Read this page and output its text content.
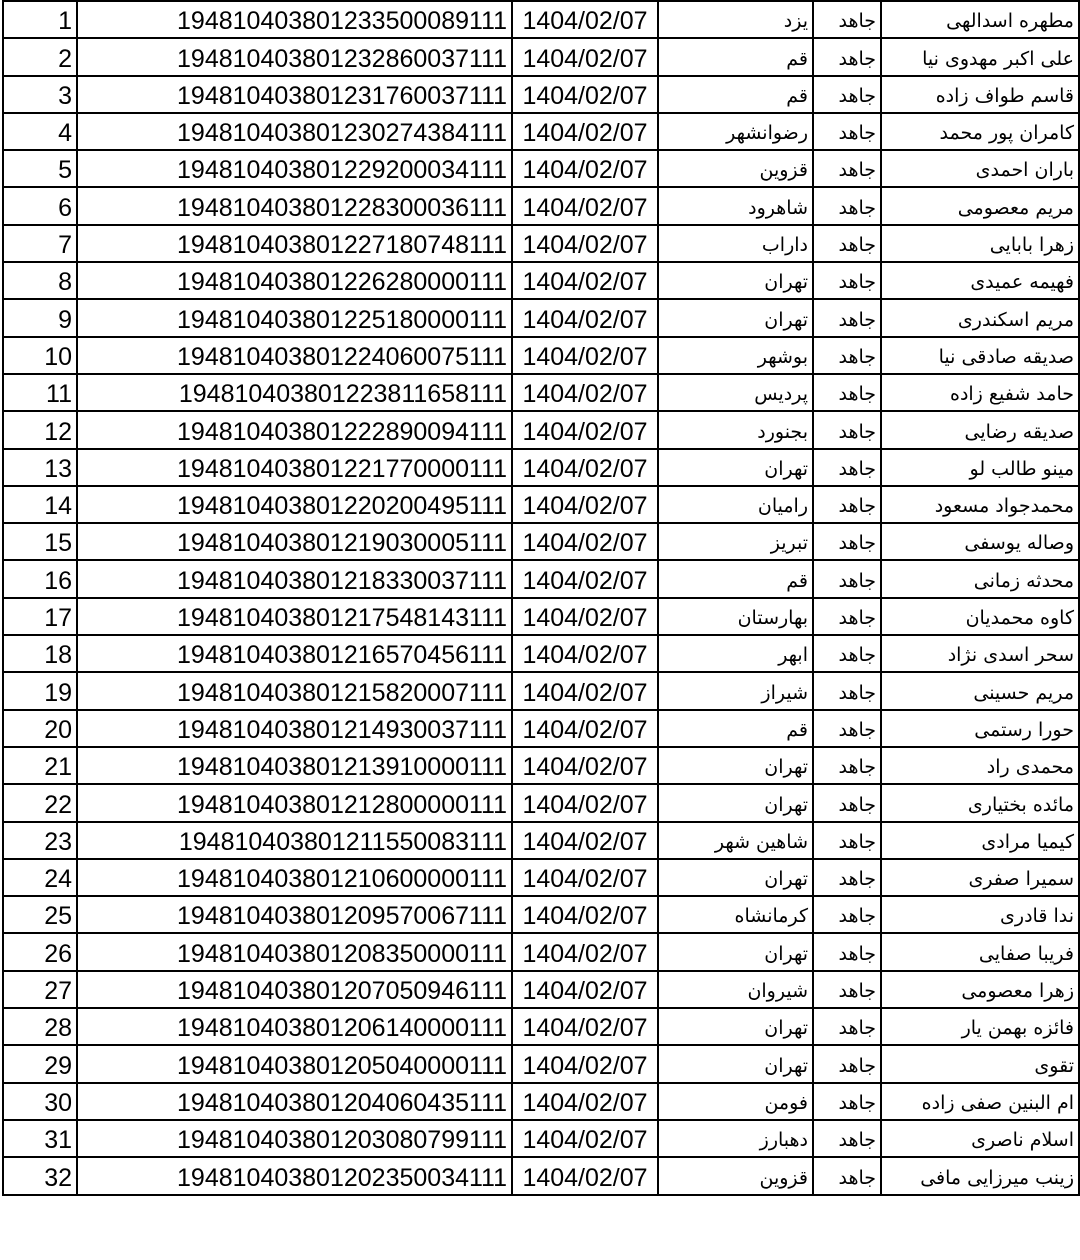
1	194810403801233500089111	1404/02/07	یزد	جاهد	مطهره اسدالهی
2	194810403801232860037111	1404/02/07	قم	جاهد	علی اکبر مهدوی نیا
3	194810403801231760037111	1404/02/07	قم	جاهد	قاسم طواف زاده
4	194810403801230274384111	1404/02/07	رضوانشهر	جاهد	کامران پور محمد
5	194810403801229200034111	1404/02/07	قزوین	جاهد	باران احمدی
6	194810403801228300036111	1404/02/07	شاهرود	جاهد	مریم معصومی
7	194810403801227180748111	1404/02/07	داراب	جاهد	زهرا بابایی
8	194810403801226280000111	1404/02/07	تهران	جاهد	فهیمه عمیدی
9	194810403801225180000111	1404/02/07	تهران	جاهد	مریم اسکندری
10	194810403801224060075111	1404/02/07	بوشهر	جاهد	صدیقه صادقی نیا
11	194810403801223811658111	1404/02/07	پردیس	جاهد	حامد شفیع زاده
12	194810403801222890094111	1404/02/07	بجنورد	جاهد	صدیقه رضایی
13	194810403801221770000111	1404/02/07	تهران	جاهد	مینو طالب لو
14	194810403801220200495111	1404/02/07	رامیان	جاهد	محمدجواد مسعود
15	194810403801219030005111	1404/02/07	تبریز	جاهد	وصاله یوسفی
16	194810403801218330037111	1404/02/07	قم	جاهد	محدثه زمانی
17	194810403801217548143111	1404/02/07	بهارستان	جاهد	کاوه محمدیان
18	194810403801216570456111	1404/02/07	ابهر	جاهد	سحر اسدی نژاد
19	194810403801215820007111	1404/02/07	شیراز	جاهد	مریم حسینی
20	194810403801214930037111	1404/02/07	قم	جاهد	حورا رستمی
21	194810403801213910000111	1404/02/07	تهران	جاهد	محمدی راد
22	194810403801212800000111	1404/02/07	تهران	جاهد	مائده بختیاری
23	194810403801211550083111	1404/02/07	شاهین شهر	جاهد	کیمیا مرادی
24	194810403801210600000111	1404/02/07	تهران	جاهد	سمیرا صفری
25	194810403801209570067111	1404/02/07	کرمانشاه	جاهد	ندا قادری
26	194810403801208350000111	1404/02/07	تهران	جاهد	فریبا صفایی
27	194810403801207050946111	1404/02/07	شیروان	جاهد	زهرا معصومی
28	194810403801206140000111	1404/02/07	تهران	جاهد	فائزه بهمن یار
29	194810403801205040000111	1404/02/07	تهران	جاهد	تقوی
30	194810403801204060435111	1404/02/07	فومن	جاهد	ام البنین صفی زاده
31	194810403801203080799111	1404/02/07	دهبارز	جاهد	اسلام ناصری
32	194810403801202350034111	1404/02/07	قزوین	جاهد	زینب میرزایی مافی
